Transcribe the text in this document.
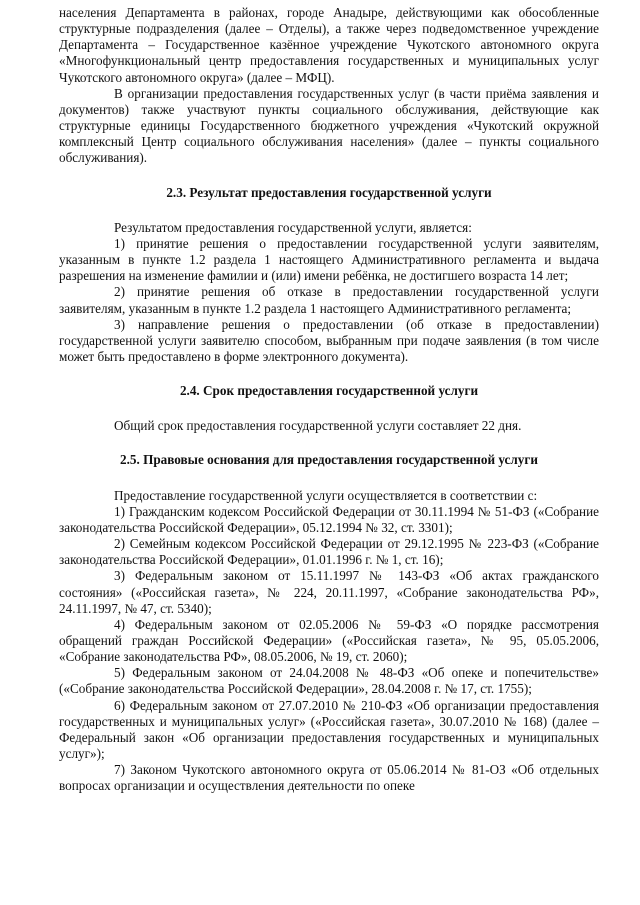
населения Департамента в районах, городе Анадыре, действующими как обособленные структурные подразделения (далее – Отделы), а также через подведомственное учреждение Департамента – Государственное казённое учреждение Чукотского автономного округа «Многофункциональный центр предоставления государственных и муниципальных услуг Чукотского автономного округа» (далее – МФЦ).

В организации предоставления государственных услуг (в части приёма заявления и документов) также участвуют пункты социального обслуживания, действующие как структурные единицы Государственного бюджетного учреждения «Чукотский окружной комплексный Центр социального обслуживания населения» (далее – пункты социального обслуживания).

2.3. Результат предоставления государственной услуги

Результатом предоставления государственной услуги, является:

1) принятие решения о предоставлении государственной услуги заявителям, указанным в пункте 1.2 раздела 1 настоящего Административного регламента и выдача разрешения на изменение фамилии и (или) имени ребёнка, не достигшего возраста 14 лет;

2) принятие решения об отказе в предоставлении государственной услуги заявителям, указанным в пункте 1.2 раздела 1 настоящего Административного регламента;

3) направление решения о предоставлении (об отказе в предоставлении) государственной услуги заявителю способом, выбранным при подаче заявления (в том числе может быть предоставлено в форме электронного документа).

2.4. Срок предоставления государственной услуги

Общий срок предоставления государственной услуги составляет 22 дня.

2.5. Правовые основания для предоставления государственной услуги

Предоставление государственной услуги осуществляется в соответствии с:

1) Гражданским кодексом Российской Федерации от 30.11.1994 № 51-ФЗ («Собрание законодательства Российской Федерации», 05.12.1994 № 32, ст. 3301);

2) Семейным кодексом Российской Федерации от 29.12.1995 № 223-ФЗ («Собрание законодательства Российской Федерации», 01.01.1996 г. № 1, ст. 16);

3) Федеральным законом от 15.11.1997 № 143-ФЗ «Об актах гражданского состояния» («Российская газета», № 224, 20.11.1997, «Собрание законодательства РФ», 24.11.1997, № 47, ст. 5340);

4) Федеральным законом от 02.05.2006 № 59-ФЗ «О порядке рассмотрения обращений граждан Российской Федерации» («Российская газета», № 95, 05.05.2006, «Собрание законодательства РФ», 08.05.2006, № 19, ст. 2060);

5) Федеральным законом от 24.04.2008 № 48-ФЗ «Об опеке и попечительстве» («Собрание законодательства Российской Федерации», 28.04.2008 г. № 17, ст. 1755);

6) Федеральным законом от 27.07.2010 № 210-ФЗ «Об организации предоставления государственных и муниципальных услуг» («Российская газета», 30.07.2010 № 168) (далее – Федеральный закон «Об организации предоставления государственных и муниципальных услуг»);

7) Законом Чукотского автономного округа от 05.06.2014 № 81-ОЗ «Об отдельных вопросах организации и осуществления деятельности по опеке
